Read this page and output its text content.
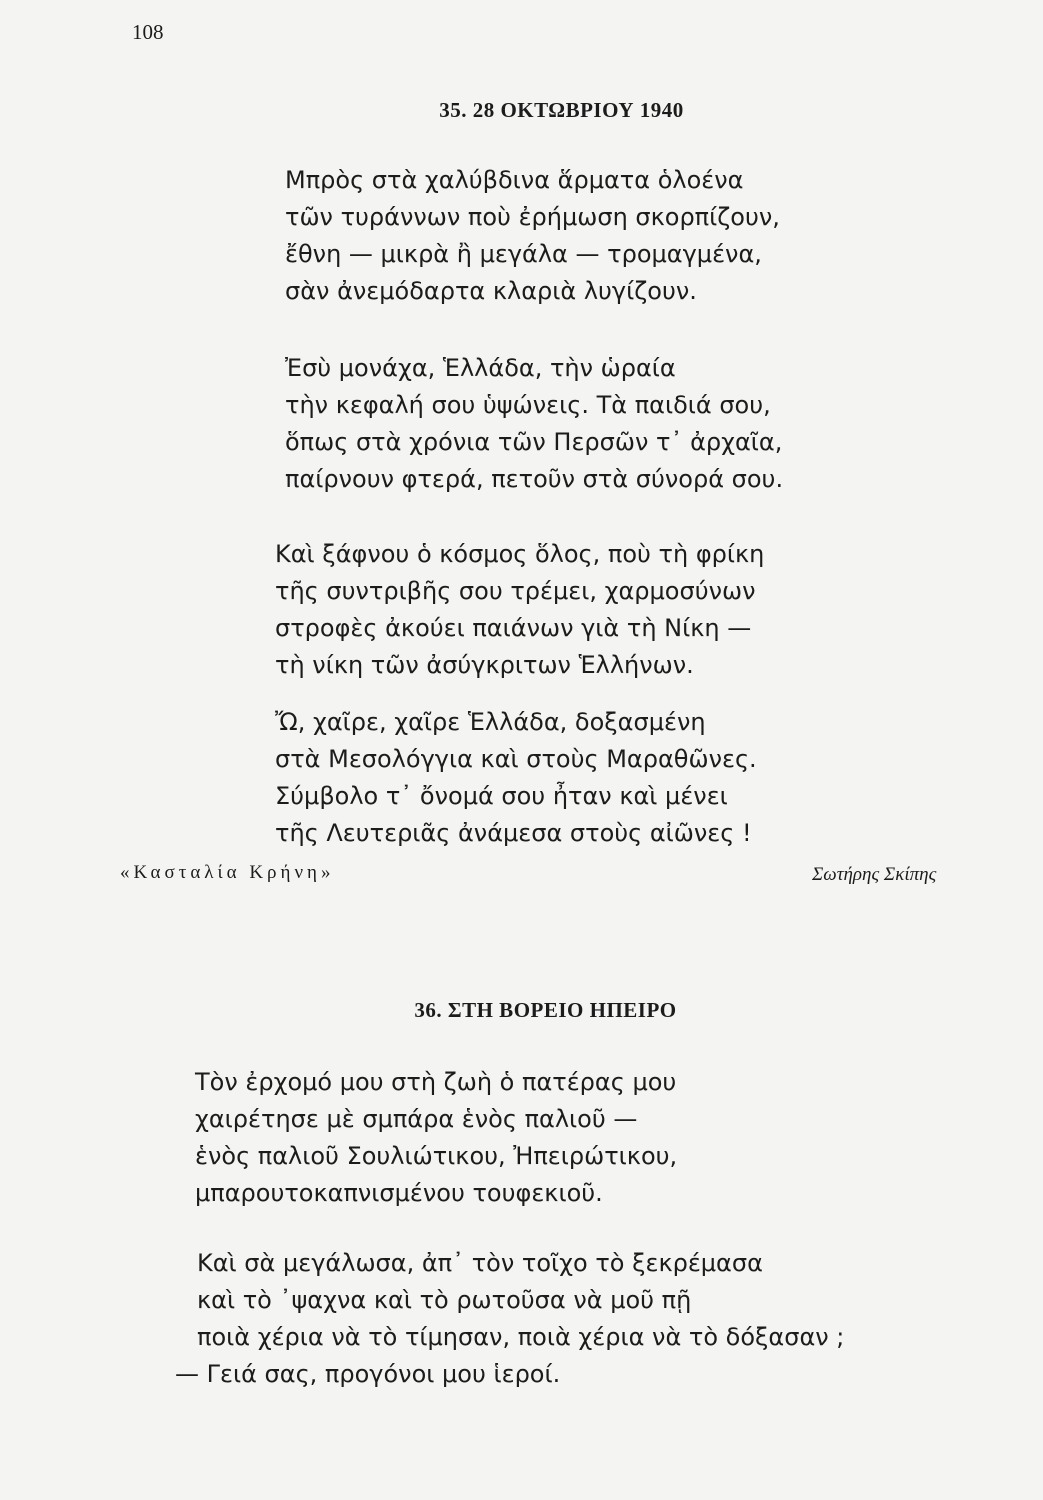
108
35. 28 ΟΚΤΩΒΡΙΟΥ 1940
Μπρὸς στὰ χαλύβδινα ἅρματα ὁλοένα
τῶν τυράννων ποὺ ἐρήμωση σκορπίζουν,
ἔθνη — μικρὰ ἢ μεγάλα — τρομαγμένα,
σὰν ἀνεμόδαρτα κλαριὰ λυγίζουν.
Ἐσὺ μονάχα, Ἑλλάδα, τὴν ὡραία
τὴν κεφαλή σου ὑψώνεις. Τὰ παιδιά σου,
ὅπως στὰ χρόνια τῶν Περσῶν τ᾽ ἀρχαῖα,
παίρνουν φτερά, πετοῦν στὰ σύνορά σου.
Καὶ ξάφνου ὁ κόσμος ὅλος, ποὺ τὴ φρίκη
τῆς συντριβῆς σου τρέμει, χαρμοσύνων
στροφὲς ἀκούει παιάνων γιὰ τὴ Νίκη —
τὴ νίκη τῶν ἀσύγκριτων Ἑλλήνων.
Ὤ, χαῖρε, χαῖρε Ἑλλάδα, δοξασμένη
στὰ Μεσολόγγια καὶ στοὺς Μαραθῶνες.
Σύμβολο τ᾽ ὄνομά σου ἦταν καὶ μένει
τῆς Λευτεριᾶς ἀνάμεσα στοὺς αἰῶνες !
«Κασταλία Κρήνη»	Σωτήρης Σκίπης
36. ΣΤΗ ΒΟΡΕΙΟ ΗΠΕΙΡΟ
Τὸν ἐρχομό μου στὴ ζωὴ ὁ πατέρας μου
χαιρέτησε μὲ σμπάρα ἑνὸς παλιοῦ —
ἑνὸς παλιοῦ Σουλιώτικου, Ἠπειρώτικου,
μπαρουτοκαπνισμένου τουφεκιοῦ.
Καὶ σὰ μεγάλωσα, ἀπ᾽ τὸν τοῖχο τὸ ξεκρέμασα
καὶ τὸ ᾽ψαχνα καὶ τὸ ρωτοῦσα νὰ μοῦ πῇ
ποιὰ χέρια νὰ τὸ τίμησαν, ποιὰ χέρια νὰ τὸ δόξασαν ;
— Γειά σας, προγόνοι μου ἱεροί.
